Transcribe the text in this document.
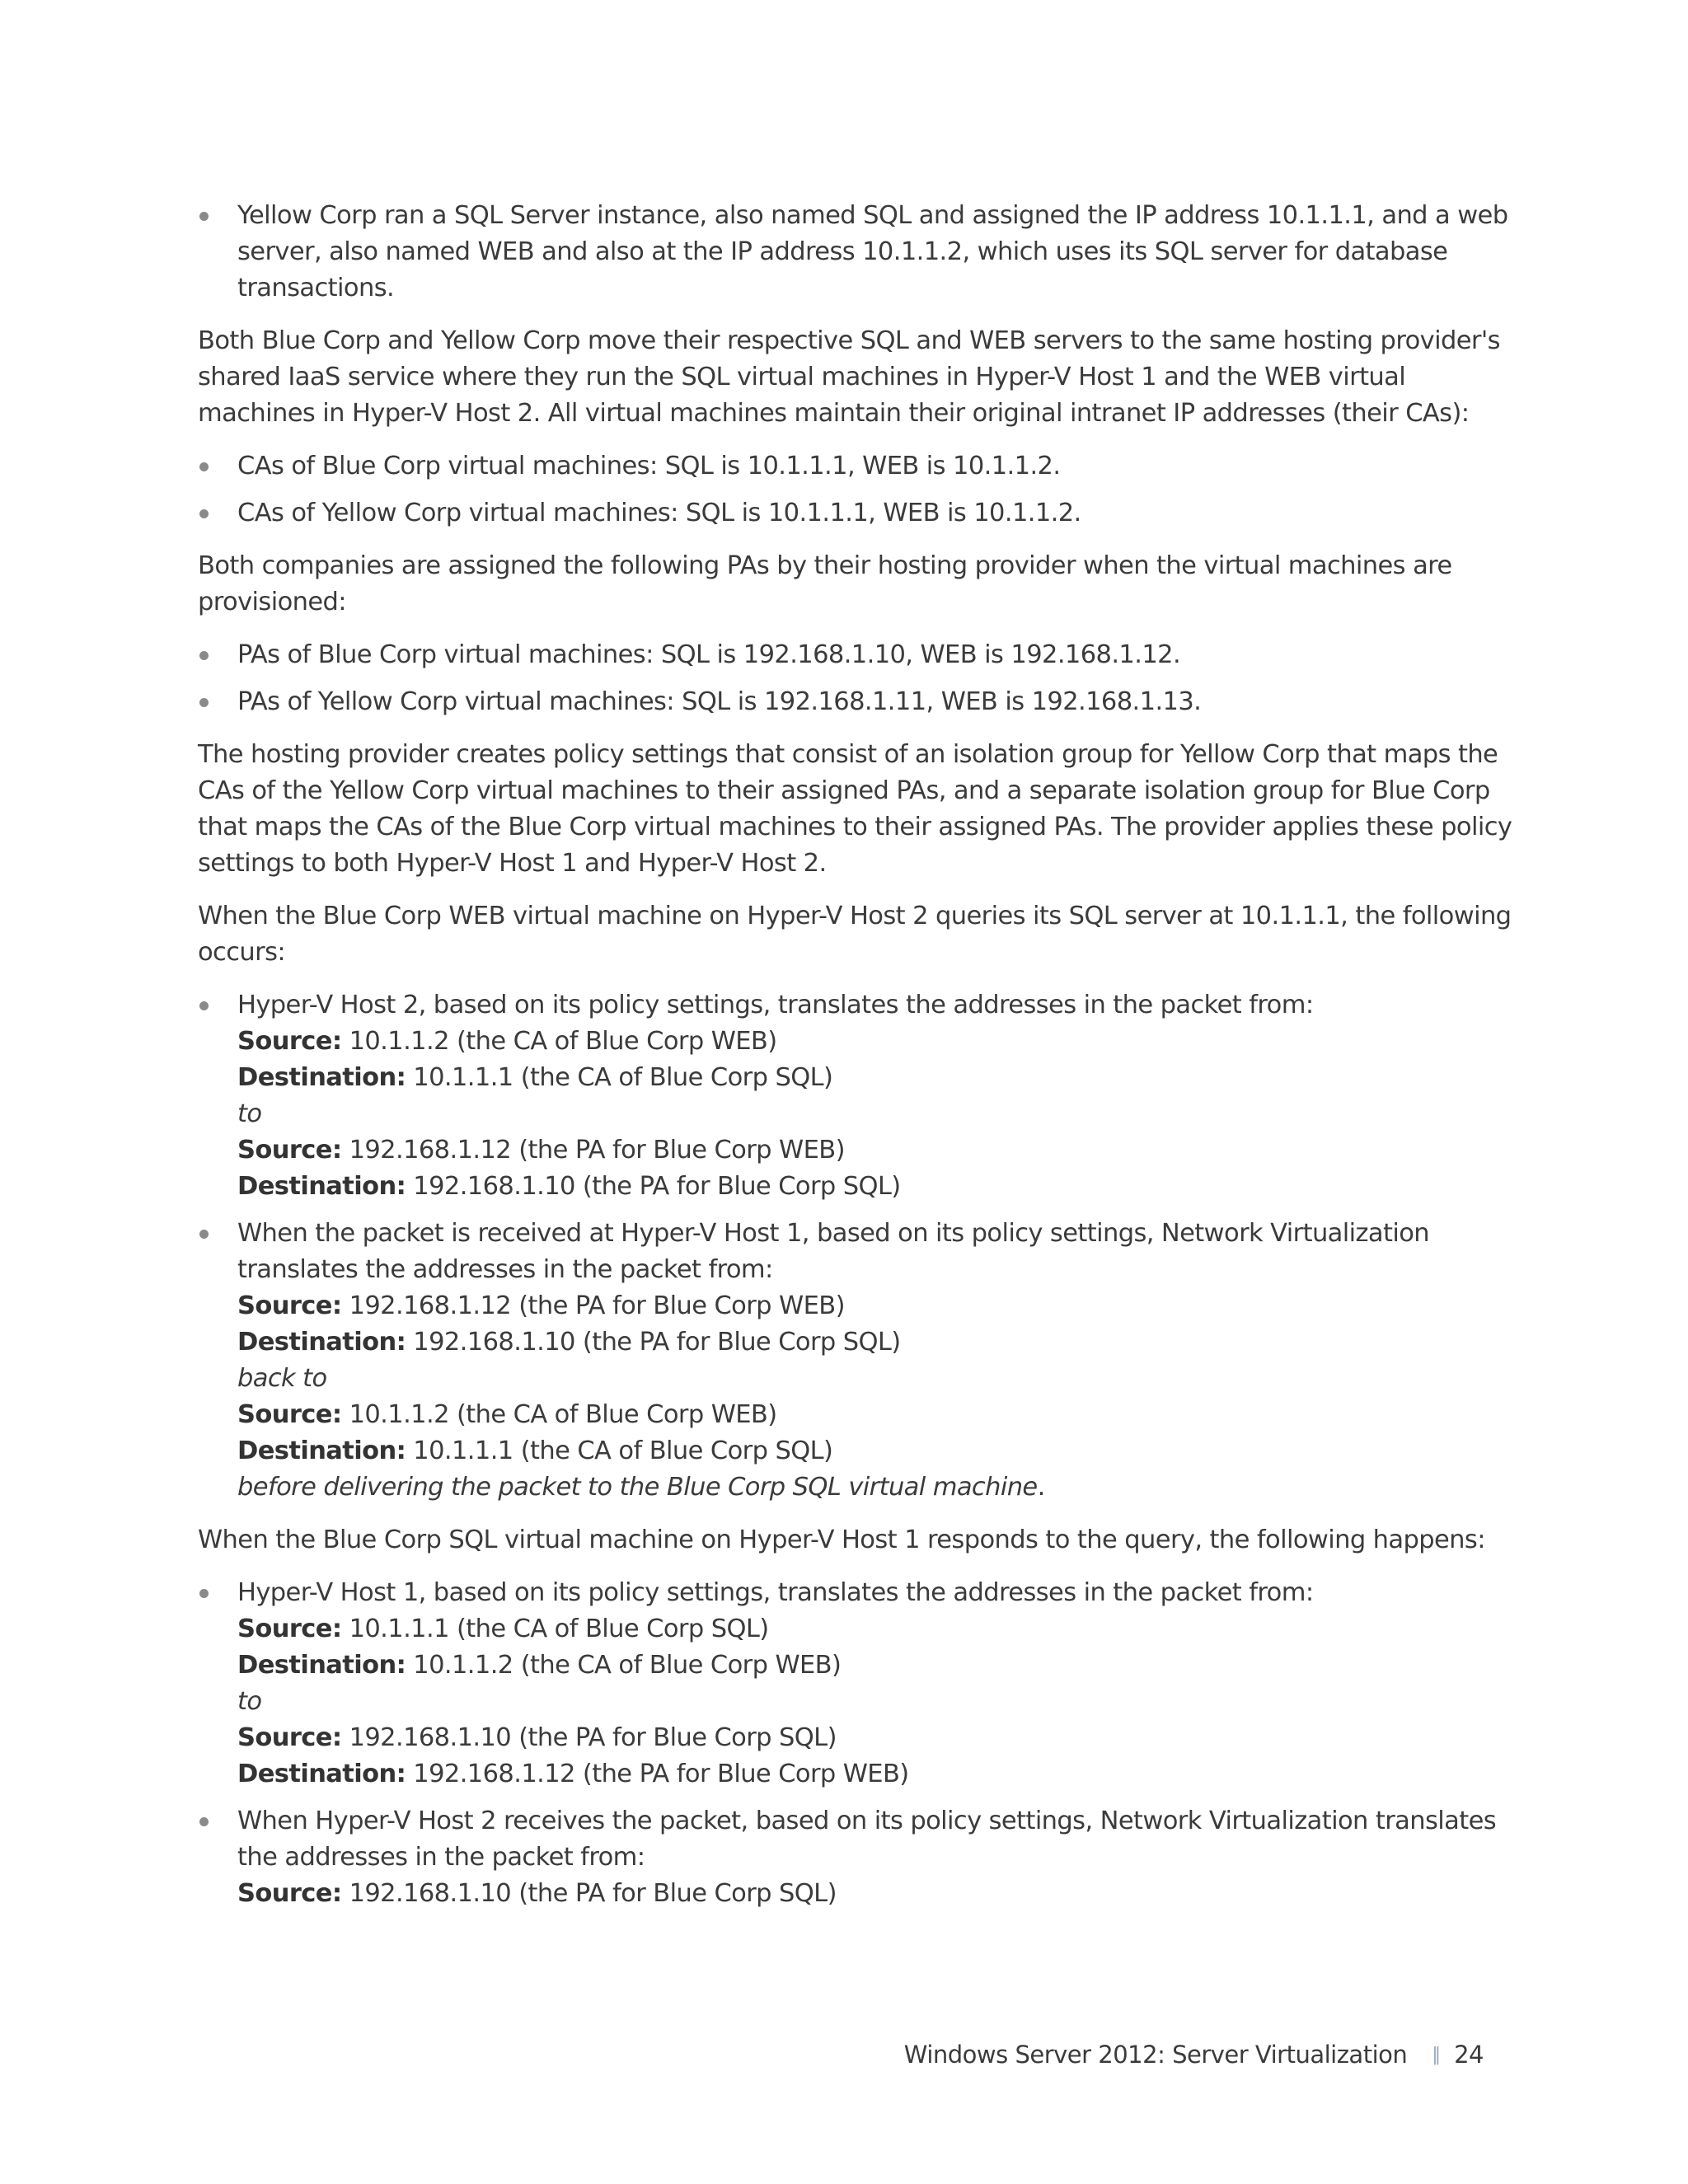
Yellow Corp ran a SQL Server instance, also named SQL and assigned the IP address 10.1.1.1, and a web server, also named WEB and also at the IP address 10.1.1.2, which uses its SQL server for database transactions.

Both Blue Corp and Yellow Corp move their respective SQL and WEB servers to the same hosting provider's shared IaaS service where they run the SQL virtual machines in Hyper-V Host 1 and the WEB virtual machines in Hyper-V Host 2. All virtual machines maintain their original intranet IP addresses (their CAs):

CAs of Blue Corp virtual machines: SQL is 10.1.1.1, WEB is 10.1.1.2.
CAs of Yellow Corp virtual machines: SQL is 10.1.1.1, WEB is 10.1.1.2.

Both companies are assigned the following PAs by their hosting provider when the virtual machines are provisioned:

PAs of Blue Corp virtual machines: SQL is 192.168.1.10, WEB is 192.168.1.12.
PAs of Yellow Corp virtual machines: SQL is 192.168.1.11, WEB is 192.168.1.13.

The hosting provider creates policy settings that consist of an isolation group for Yellow Corp that maps the CAs of the Yellow Corp virtual machines to their assigned PAs, and a separate isolation group for Blue Corp that maps the CAs of the Blue Corp virtual machines to their assigned PAs. The provider applies these policy settings to both Hyper-V Host 1 and Hyper-V Host 2.

When the Blue Corp WEB virtual machine on Hyper-V Host 2 queries its SQL server at 10.1.1.1, the following occurs:

Hyper-V Host 2, based on its policy settings, translates the addresses in the packet from:
Source: 10.1.1.2 (the CA of Blue Corp WEB)
Destination: 10.1.1.1 (the CA of Blue Corp SQL)
to
Source: 192.168.1.12 (the PA for Blue Corp WEB)
Destination: 192.168.1.10 (the PA for Blue Corp SQL)
When the packet is received at Hyper-V Host 1, based on its policy settings, Network Virtualization translates the addresses in the packet from:
Source: 192.168.1.12 (the PA for Blue Corp WEB)
Destination: 192.168.1.10 (the PA for Blue Corp SQL)
back to
Source: 10.1.1.2 (the CA of Blue Corp WEB)
Destination: 10.1.1.1 (the CA of Blue Corp SQL)
before delivering the packet to the Blue Corp SQL virtual machine.

When the Blue Corp SQL virtual machine on Hyper-V Host 1 responds to the query, the following happens:

Hyper-V Host 1, based on its policy settings, translates the addresses in the packet from:
Source: 10.1.1.1 (the CA of Blue Corp SQL)
Destination: 10.1.1.2 (the CA of Blue Corp WEB)
to
Source: 192.168.1.10 (the PA for Blue Corp SQL)
Destination: 192.168.1.12 (the PA for Blue Corp WEB)
When Hyper-V Host 2 receives the packet, based on its policy settings, Network Virtualization translates the addresses in the packet from:
Source: 192.168.1.10 (the PA for Blue Corp SQL)
Windows Server 2012: Server Virtualization || 24
